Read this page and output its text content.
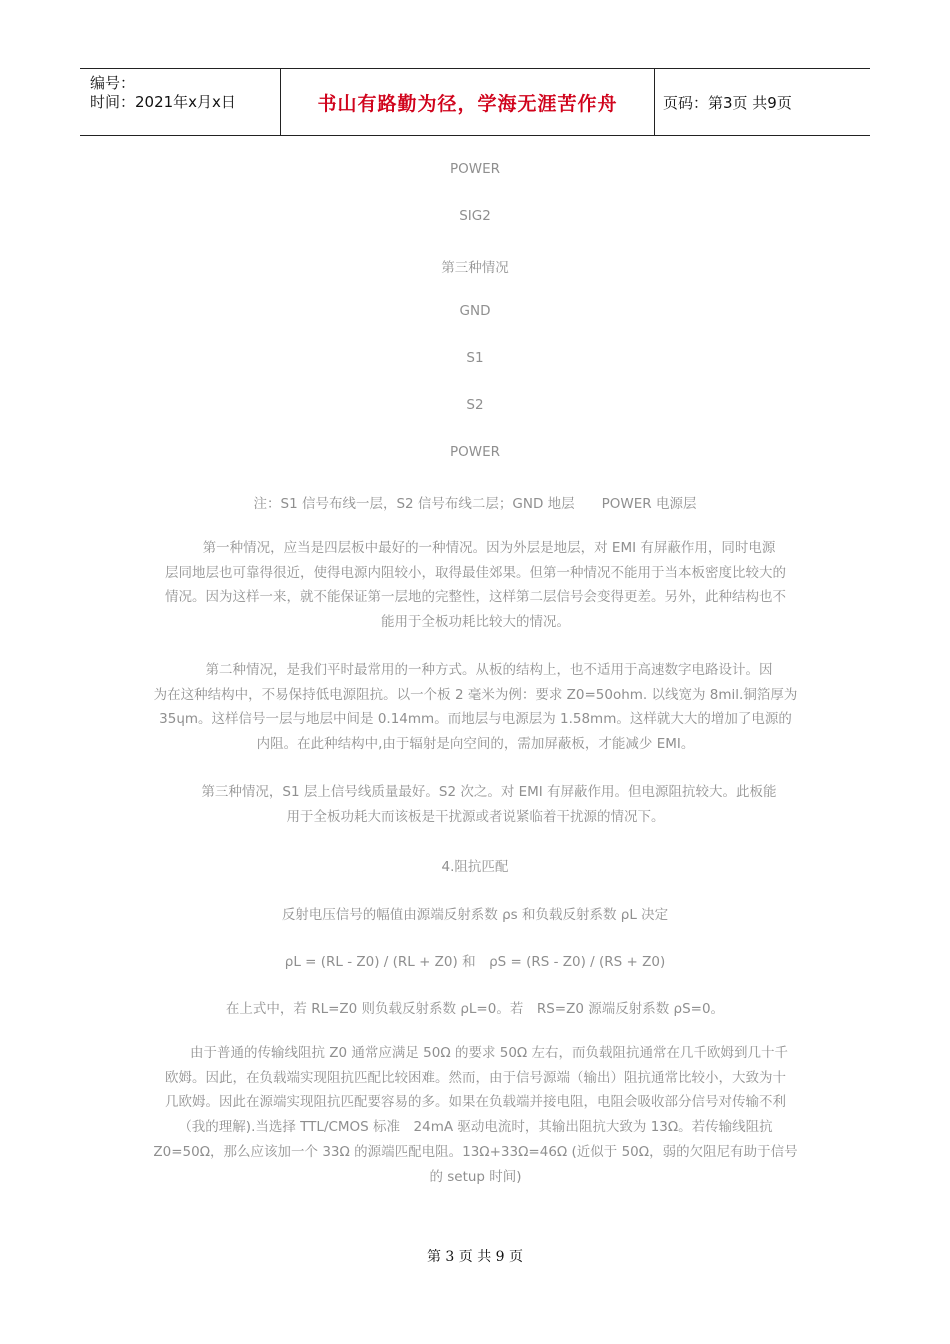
编号：
时间：2021年x月x日	书山有路勤为径，学海无涯苦作舟	页码：第3页 共9页
POWER
SIG2
第三种情况
GND
S1
S2
POWER
注：S1 信号布线一层，S2 信号布线二层；GND 地层　　POWER 电源层
　　第一种情况，应当是四层板中最好的一种情况。因为外层是地层，对 EMI 有屏蔽作用，同时电源
层同地层也可靠得很近，使得电源内阻较小，取得最佳郊果。但第一种情况不能用于当本板密度比较大的
情况。因为这样一来，就不能保证第一层地的完整性，这样第二层信号会变得更差。另外，此种结构也不
能用于全板功耗比较大的情况。
　　第二种情况，是我们平时最常用的一种方式。从板的结构上，也不适用于高速数字电路设计。因
为在这种结构中，不易保持低电源阻抗。以一个板 2 毫米为例：要求 Z0=50ohm. 以线宽为 8mil.铜箔厚为
35ɥm。这样信号一层与地层中间是 0.14mm。而地层与电源层为 1.58mm。这样就大大的增加了电源的
内阻。在此种结构中,由于辐射是向空间的，需加屏蔽板，才能减少 EMI。
　　第三种情况，S1 层上信号线质量最好。S2 次之。对 EMI 有屏蔽作用。但电源阻抗较大。此板能
用于全板功耗大而该板是干扰源或者说紧临着干扰源的情况下。
4.阻抗匹配
反射电压信号的幅值由源端反射系数 ρs 和负载反射系数 ρL 决定
ρL = (RL - Z0) / (RL + Z0) 和　ρS = (RS - Z0) / (RS + Z0)
在上式中，若 RL=Z0 则负载反射系数 ρL=0。若　RS=Z0 源端反射系数 ρS=0。
　　由于普通的传输线阻抗 Z0 通常应满足 50Ω 的要求 50Ω 左右，而负载阻抗通常在几千欧姆到几十千
欧姆。因此，在负载端实现阻抗匹配比较困难。然而，由于信号源端（输出）阻抗通常比较小，大致为十
几欧姆。因此在源端实现阻抗匹配要容易的多。如果在负载端并接电阻，电阻会吸收部分信号对传输不利
（我的理解).当选择 TTL/CMOS 标准　24mA 驱动电流时，其输出阻抗大致为 13Ω。若传输线阻抗
Z0=50Ω，那么应该加一个 33Ω 的源端匹配电阻。13Ω+33Ω=46Ω (近似于 50Ω，弱的欠阻尼有助于信号
的 setup 时间)
第 3 页 共 9 页
